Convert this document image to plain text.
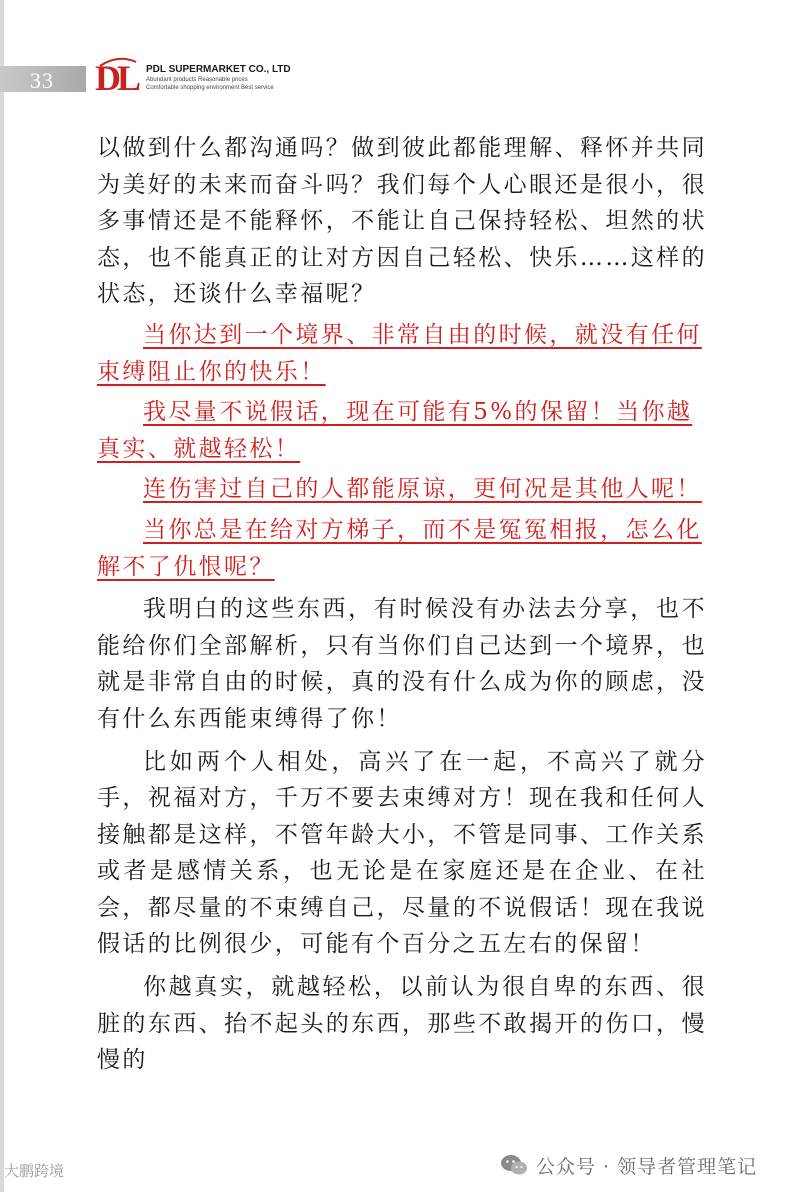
33	DL PDL SUPERMARKET CO., LTD
Abundant products Reasonable prices
Comfortable shopping environment Best service

以做到什么都沟通吗？做到彼此都能理解、释怀并共同为美好的未来而奋斗吗？我们每个人心眼还是很小，很多事情还是不能释怀，不能让自己保持轻松、坦然的状态，也不能真正的让对方因自己轻松、快乐……这样的状态，还谈什么幸福呢？

当你达到一个境界、非常自由的时候，就没有任何束缚阻止你的快乐！

我尽量不说假话，现在可能有5%的保留！当你越真实、就越轻松！

连伤害过自己的人都能原谅，更何况是其他人呢！

当你总是在给对方梯子，而不是冤冤相报，怎么化解不了仇恨呢？

我明白的这些东西，有时候没有办法去分享，也不能给你们全部解析，只有当你们自己达到一个境界，也就是非常自由的时候，真的没有什么成为你的顾虑，没有什么东西能束缚得了你！

比如两个人相处，高兴了在一起，不高兴了就分手，祝福对方，千万不要去束缚对方！现在我和任何人接触都是这样，不管年龄大小，不管是同事、工作关系或者是感情关系，也无论是在家庭还是在企业、在社会，都尽量的不束缚自己，尽量的不说假话！现在我说假话的比例很少，可能有个百分之五左右的保留！

你越真实，就越轻松，以前认为很自卑的东西、很脏的东西、抬不起头的东西，那些不敢揭开的伤口，慢慢的

大鹏跨境	公众号 · 领导者管理笔记
